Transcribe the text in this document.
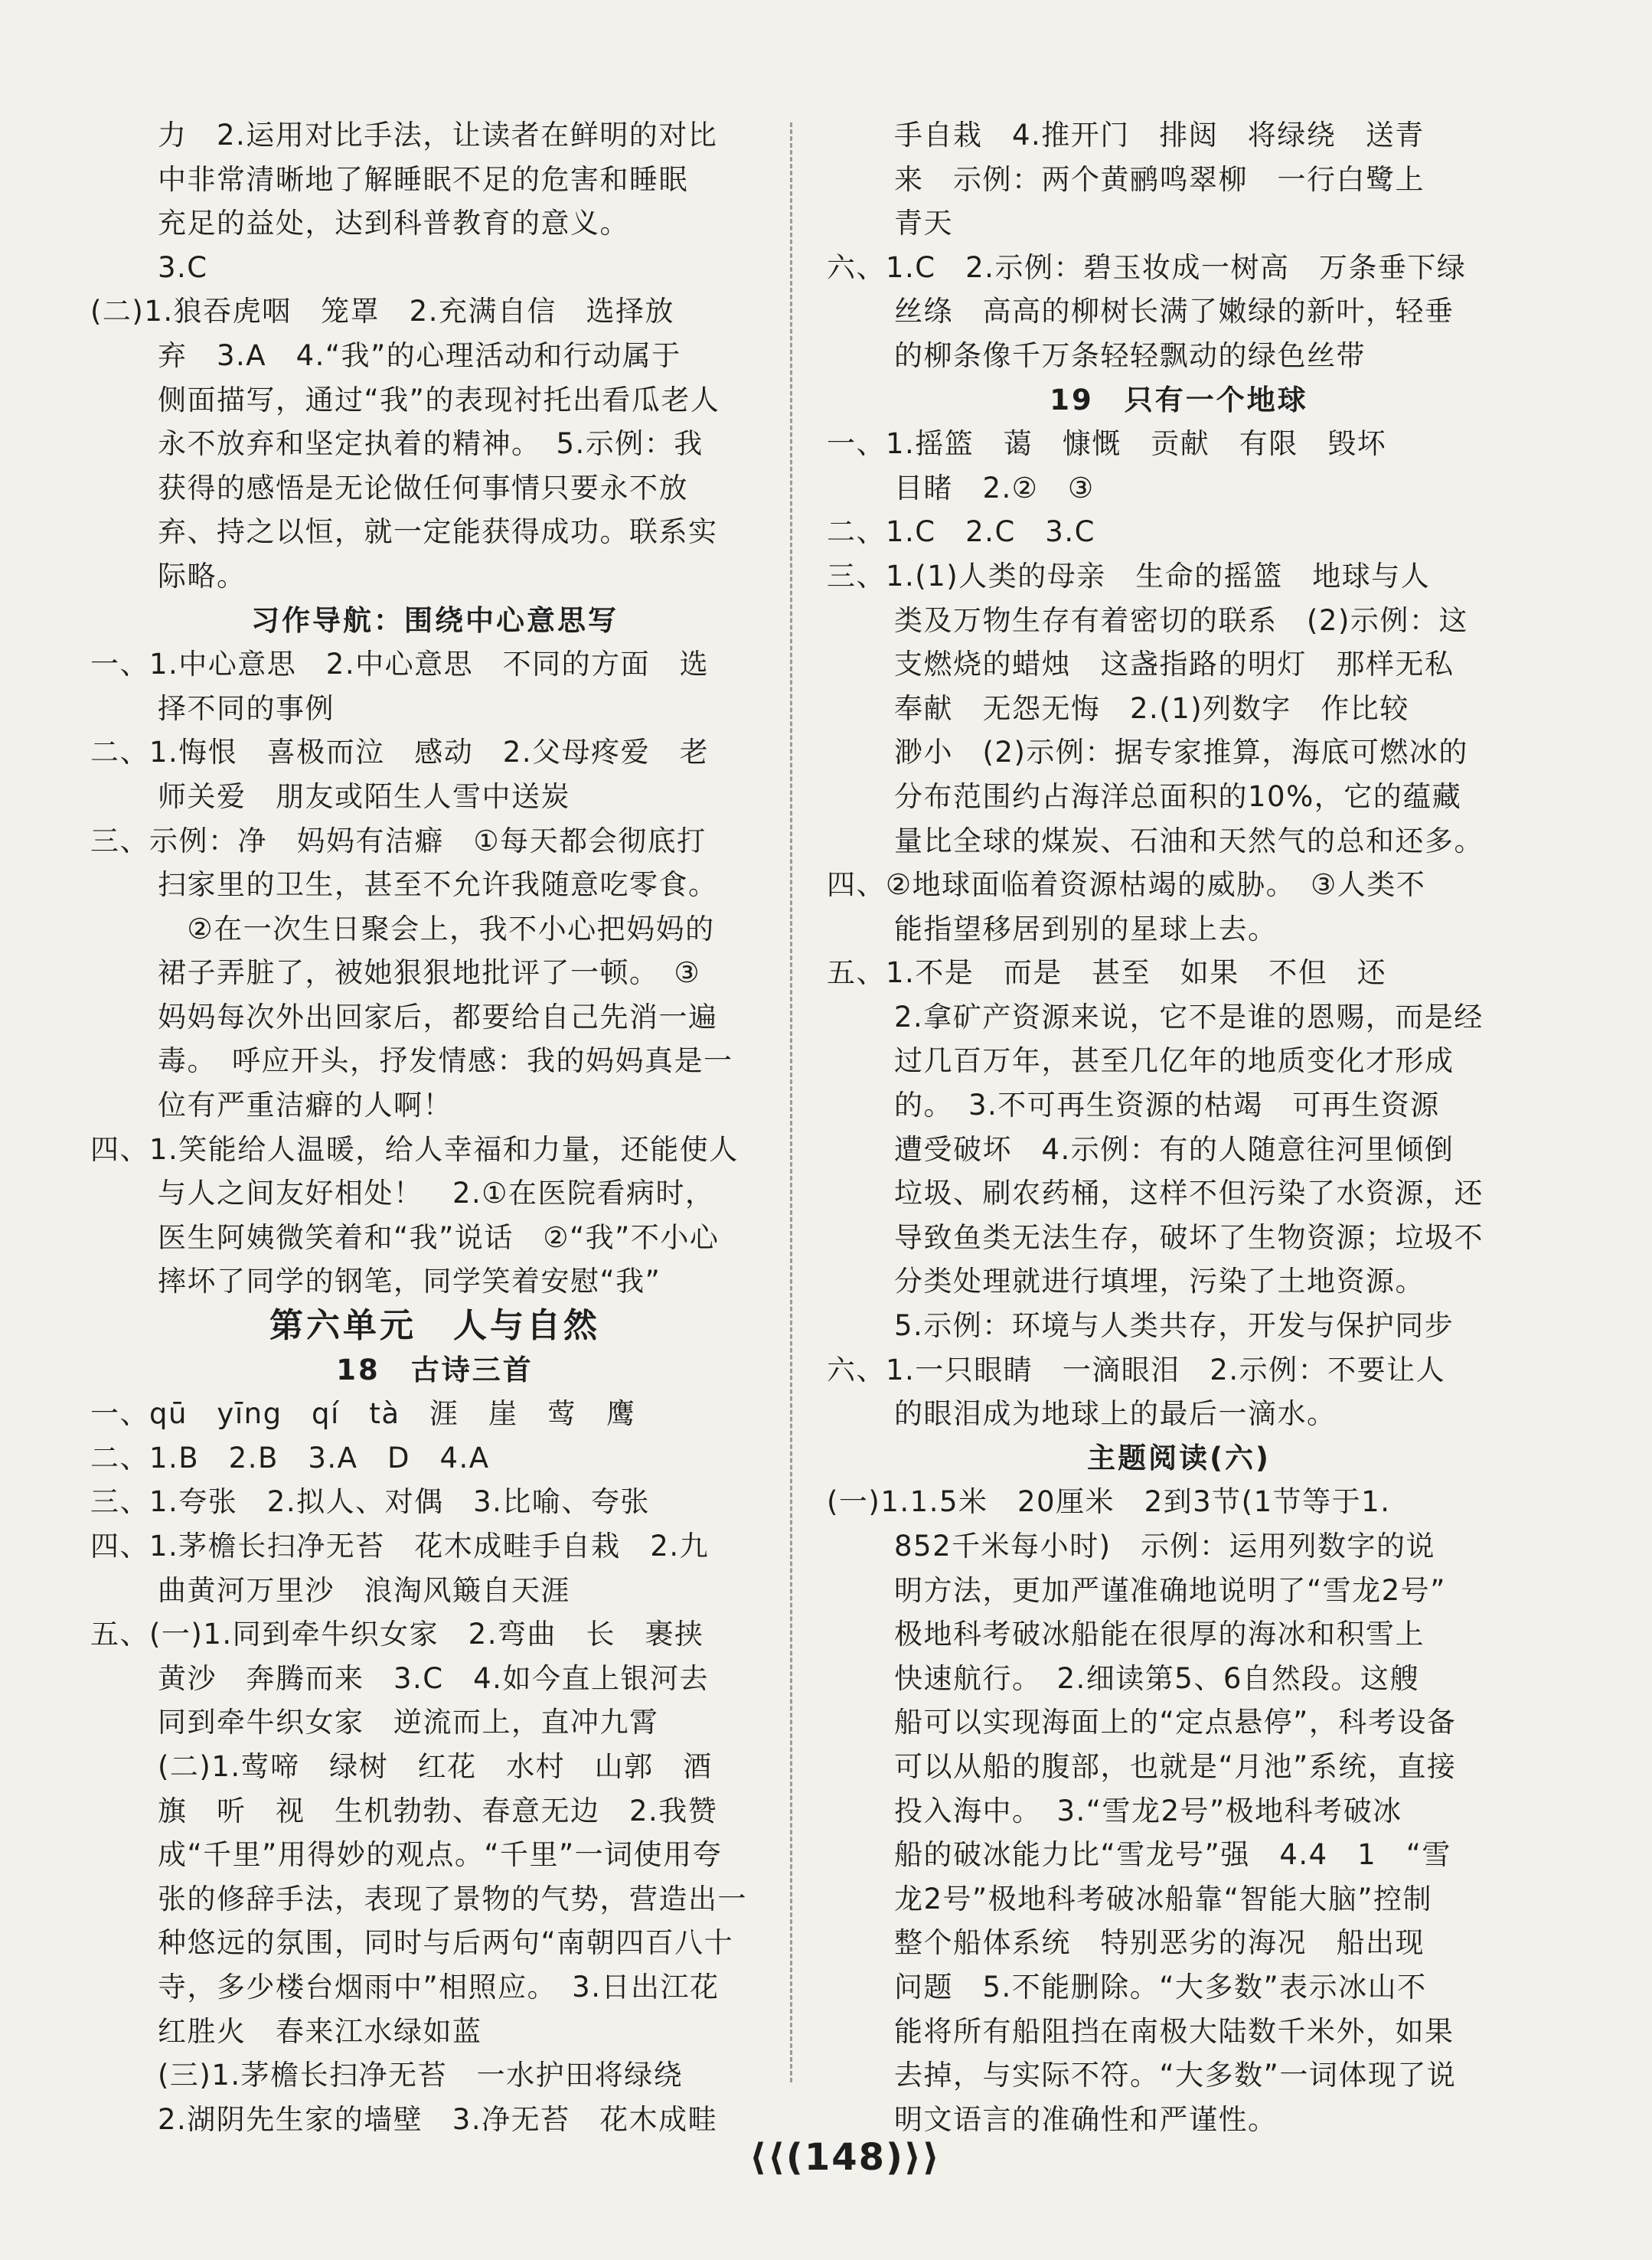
力　2.运用对比手法，让读者在鲜明的对比
中非常清晰地了解睡眠不足的危害和睡眠
充足的益处，达到科普教育的意义。
3.C
(二)1.狼吞虎咽　笼罩　2.充满自信　选择放
弃　3.A　4.“我”的心理活动和行动属于
侧面描写，通过“我”的表现衬托出看瓜老人
永不放弃和坚定执着的精神。　5.示例：我
获得的感悟是无论做任何事情只要永不放
弃、持之以恒，就一定能获得成功。联系实
际略。
习作导航：围绕中心意思写
一、1.中心意思　2.中心意思　不同的方面　选
择不同的事例
二、1.悔恨　喜极而泣　感动　2.父母疼爱　老
师关爱　朋友或陌生人雪中送炭
三、示例：净　妈妈有洁癖　①每天都会彻底打
扫家里的卫生，甚至不允许我随意吃零食。
　②在一次生日聚会上，我不小心把妈妈的
裙子弄脏了，被她狠狠地批评了一顿。　③
妈妈每次外出回家后，都要给自己先消一遍
毒。　呼应开头，抒发情感：我的妈妈真是一
位有严重洁癖的人啊！
四、1.笑能给人温暖，给人幸福和力量，还能使人
与人之间友好相处！　2.①在医院看病时，
医生阿姨微笑着和“我”说话　②“我”不小心
摔坏了同学的钢笔，同学笑着安慰“我”
第六单元　人与自然
18　古诗三首
一、qū　yīng　qí　tà　涯　崖　莺　鹰
二、1.B　2.B　3.A　D　4.A
三、1.夸张　2.拟人、对偶　3.比喻、夸张
四、1.茅檐长扫净无苔　花木成畦手自栽　2.九
曲黄河万里沙　浪淘风簸自天涯
五、(一)1.同到牵牛织女家　2.弯曲　长　裹挟
黄沙　奔腾而来　3.C　4.如今直上银河去
同到牵牛织女家　逆流而上，直冲九霄
(二)1.莺啼　绿树　红花　水村　山郭　酒
旗　听　视　生机勃勃、春意无边　2.我赞
成“千里”用得妙的观点。“千里”一词使用夸
张的修辞手法，表现了景物的气势，营造出一
种悠远的氛围，同时与后两句“南朝四百八十
寺，多少楼台烟雨中”相照应。　3.日出江花
红胜火　春来江水绿如蓝
(三)1.茅檐长扫净无苔　一水护田将绿绕
2.湖阴先生家的墙壁　3.净无苔　花木成畦
手自栽　4.推开门　排闼　将绿绕　送青
来　示例：两个黄鹂鸣翠柳　一行白鹭上
青天
六、1.C　2.示例：碧玉妆成一树高　万条垂下绿
丝绦　高高的柳树长满了嫩绿的新叶，轻垂
的柳条像千万条轻轻飘动的绿色丝带
19　只有一个地球
一、1.摇篮　蔼　慷慨　贡献　有限　毁坏
目睹　2.②　③
二、1.C　2.C　3.C
三、1.(1)人类的母亲　生命的摇篮　地球与人
类及万物生存有着密切的联系　(2)示例：这
支燃烧的蜡烛　这盏指路的明灯　那样无私
奉献　无怨无悔　2.(1)列数字　作比较
渺小　(2)示例：据专家推算，海底可燃冰的
分布范围约占海洋总面积的10%，它的蕴藏
量比全球的煤炭、石油和天然气的总和还多。
四、②地球面临着资源枯竭的威胁。　③人类不
能指望移居到别的星球上去。
五、1.不是　而是　甚至　如果　不但　还
2.拿矿产资源来说，它不是谁的恩赐，而是经
过几百万年，甚至几亿年的地质变化才形成
的。　3.不可再生资源的枯竭　可再生资源
遭受破坏　4.示例：有的人随意往河里倾倒
垃圾、刷农药桶，这样不但污染了水资源，还
导致鱼类无法生存，破坏了生物资源；垃圾不
分类处理就进行填埋，污染了土地资源。
5.示例：环境与人类共存，开发与保护同步
六、1.一只眼睛　一滴眼泪　2.示例：不要让人
的眼泪成为地球上的最后一滴水。
主题阅读(六)
(一)1.1.5米　20厘米　2到3节(1节等于1.
852千米每小时)　示例：运用列数字的说
明方法，更加严谨准确地说明了“雪龙2号”
极地科考破冰船能在很厚的海冰和积雪上
快速航行。　2.细读第5、6自然段。这艘
船可以实现海面上的“定点悬停”，科考设备
可以从船的腹部，也就是“月池”系统，直接
投入海中。　3.“雪龙2号”极地科考破冰
船的破冰能力比“雪龙号”强　4.4　1　“雪
龙2号”极地科考破冰船靠“智能大脑”控制
整个船体系统　特别恶劣的海况　船出现
问题　5.不能删除。“大多数”表示冰山不
能将所有船阻挡在南极大陆数千米外，如果
去掉，与实际不符。“大多数”一词体现了说
明文语言的准确性和严谨性。
⟨⟨(148)⟩⟩
